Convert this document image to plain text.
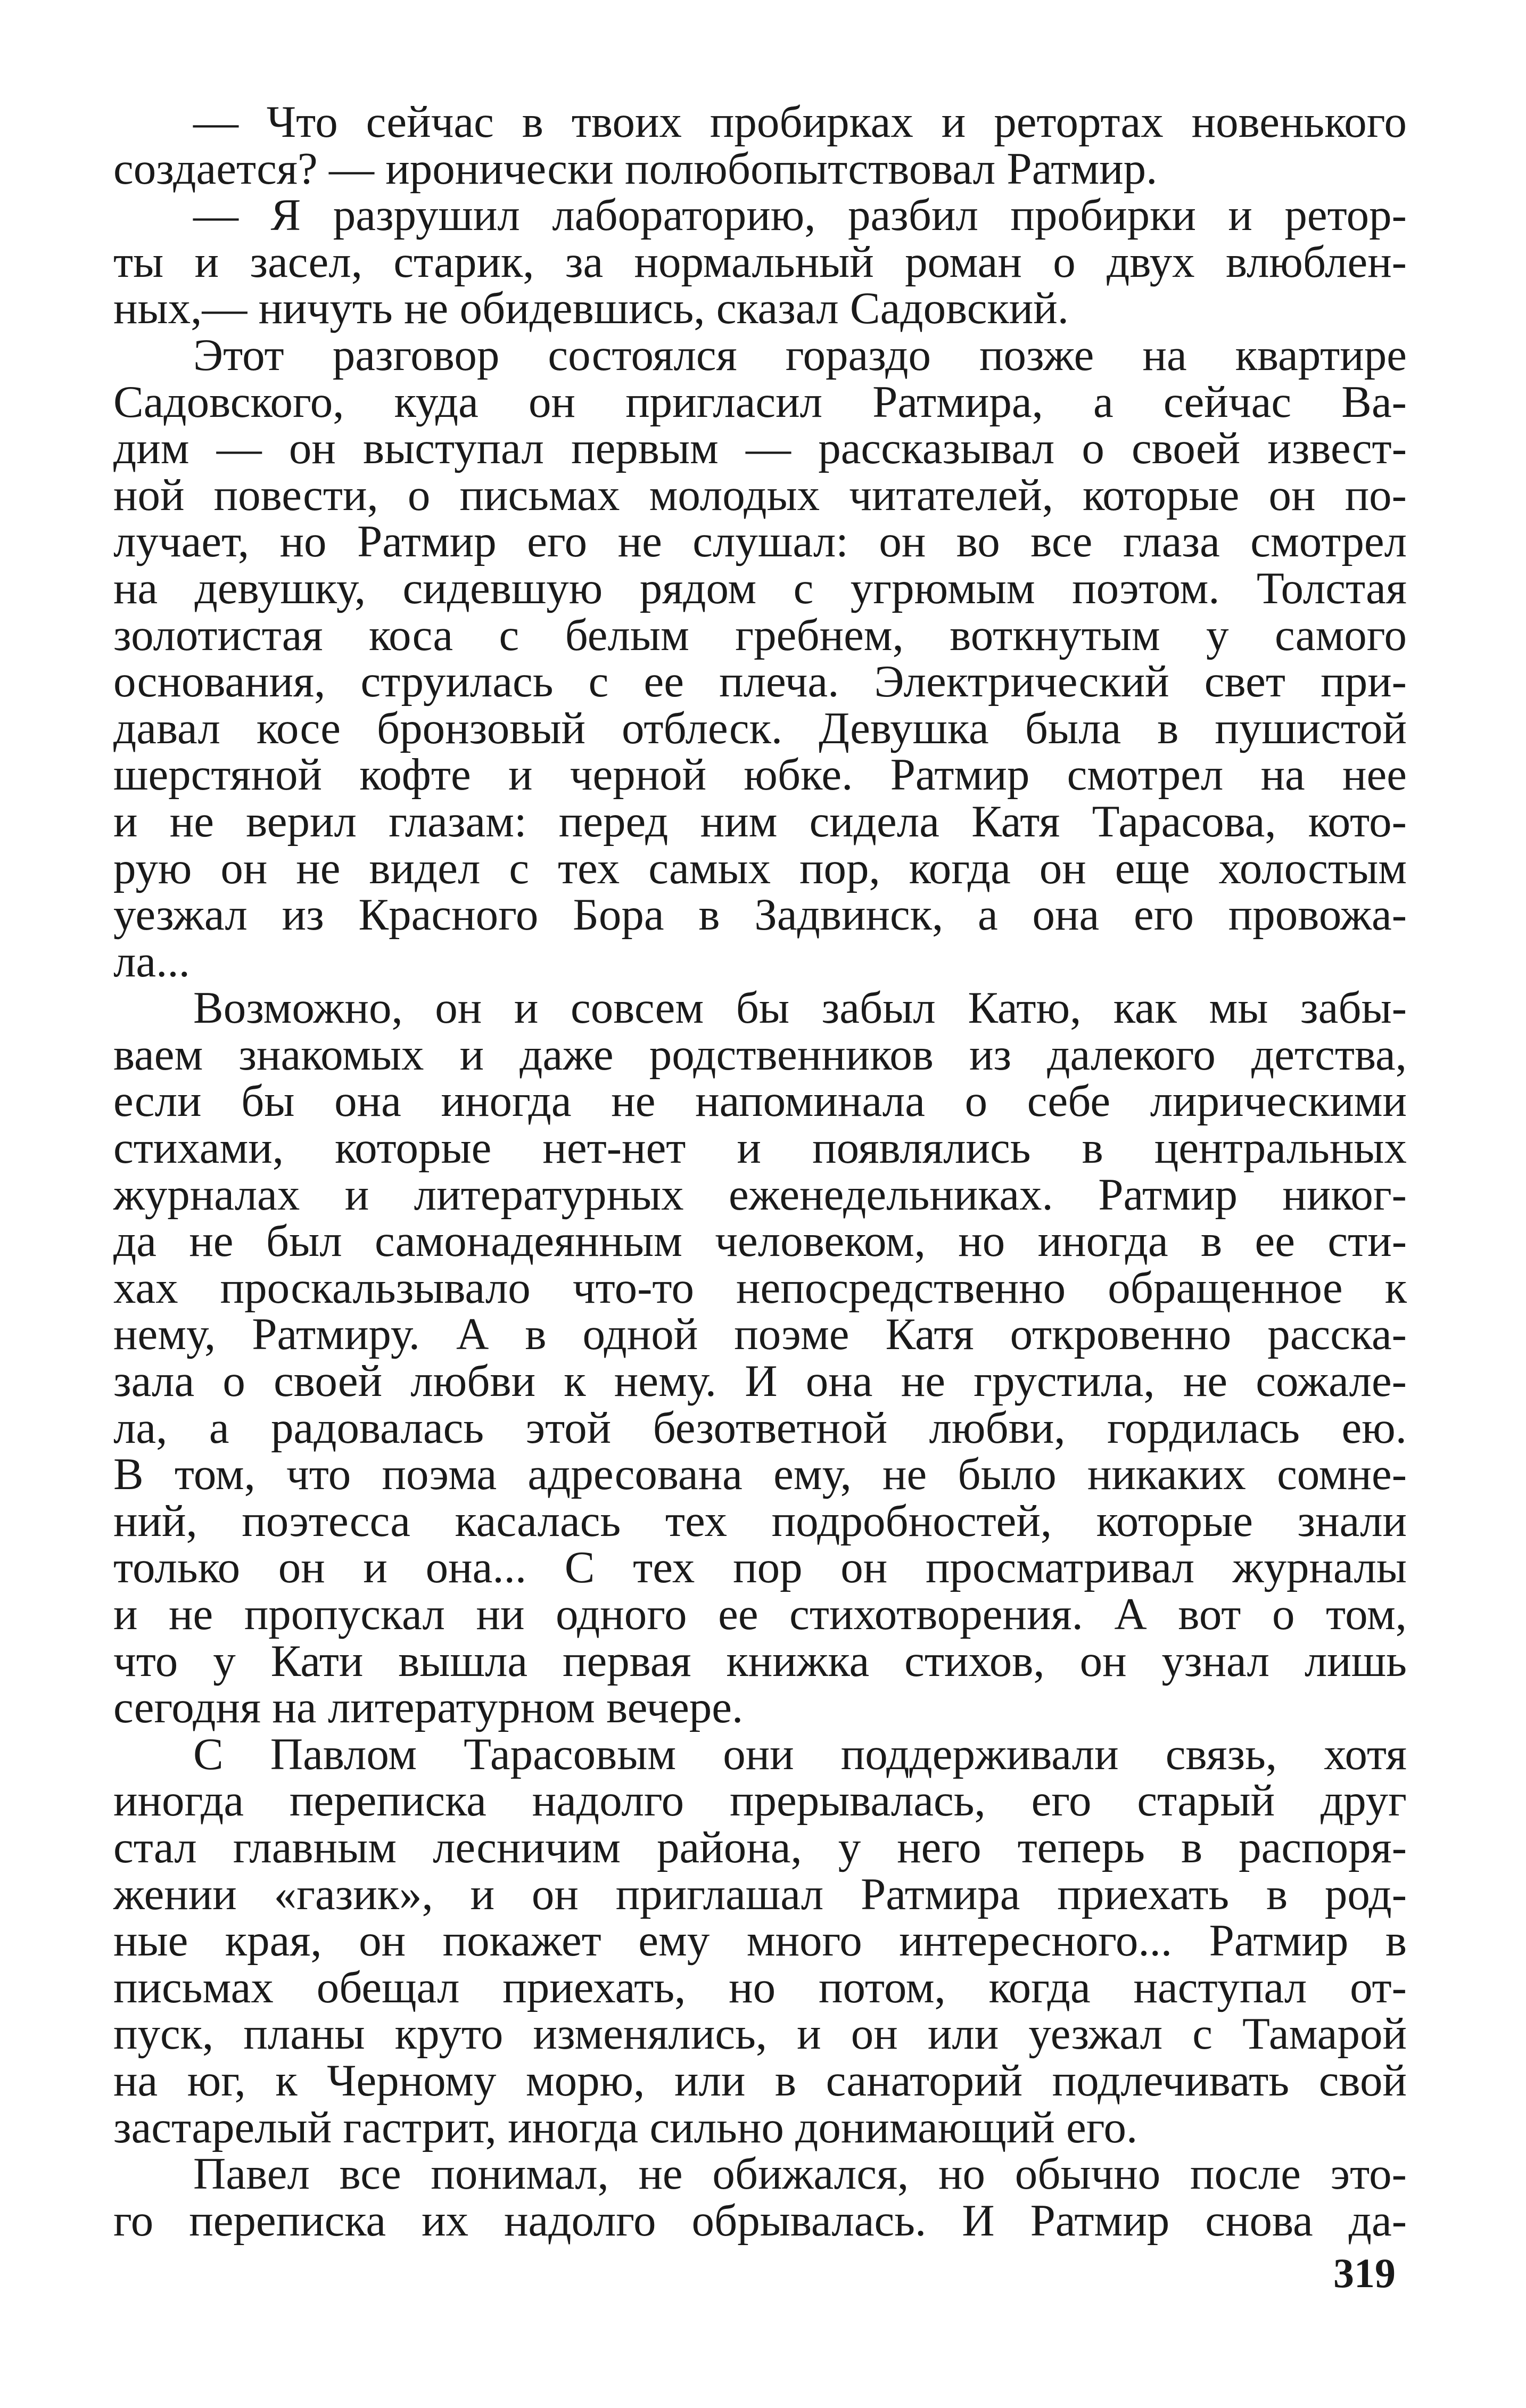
— Что сейчас в твоих пробирках и ретортах новенького
создается? — иронически полюбопытствовал Ратмир.
— Я разрушил лабораторию, разбил пробирки и ретор-
ты и засел, старик, за нормальный роман о двух влюблен-
ных,— ничуть не обидевшись, сказал Садовский.
Этот разговор состоялся гораздо позже на квартире
Садовского, куда он пригласил Ратмира, а сейчас Ва-
дим — он выступал первым — рассказывал о своей извест-
ной повести, о письмах молодых читателей, которые он по-
лучает, но Ратмир его не слушал: он во все глаза смотрел
на девушку, сидевшую рядом с угрюмым поэтом. Толстая
золотистая коса с белым гребнем, воткнутым у самого
основания, струилась с ее плеча. Электрический свет при-
давал косе бронзовый отблеск. Девушка была в пушистой
шерстяной кофте и черной юбке. Ратмир смотрел на нее
и не верил глазам: перед ним сидела Катя Тарасова, кото-
рую он не видел с тех самых пор, когда он еще холостым
уезжал из Красного Бора в Задвинск, а она его провожа-
ла...
Возможно, он и совсем бы забыл Катю, как мы забы-
ваем знакомых и даже родственников из далекого детства,
если бы она иногда не напоминала о себе лирическими
стихами, которые нет-нет и появлялись в центральных
журналах и литературных еженедельниках. Ратмир никог-
да не был самонадеянным человеком, но иногда в ее сти-
хах проскальзывало что-то непосредственно обращенное к
нему, Ратмиру. А в одной поэме Катя откровенно расска-
зала о своей любви к нему. И она не грустила, не сожале-
ла, а радовалась этой безответной любви, гордилась ею.
В том, что поэма адресована ему, не было никаких сомне-
ний, поэтесса касалась тех подробностей, которые знали
только он и она... С тех пор он просматривал журналы
и не пропускал ни одного ее стихотворения. А вот о том,
что у Кати вышла первая книжка стихов, он узнал лишь
сегодня на литературном вечере.
С Павлом Тарасовым они поддерживали связь, хотя
иногда переписка надолго прерывалась, его старый друг
стал главным лесничим района, у него теперь в распоря-
жении «газик», и он приглашал Ратмира приехать в род-
ные края, он покажет ему много интересного... Ратмир в
письмах обещал приехать, но потом, когда наступал от-
пуск, планы круто изменялись, и он или уезжал с Тамарой
на юг, к Черному морю, или в санаторий подлечивать свой
застарелый гастрит, иногда сильно донимающий его.
Павел все понимал, не обижался, но обычно после это-
го переписка их надолго обрывалась. И Ратмир снова да-
319
